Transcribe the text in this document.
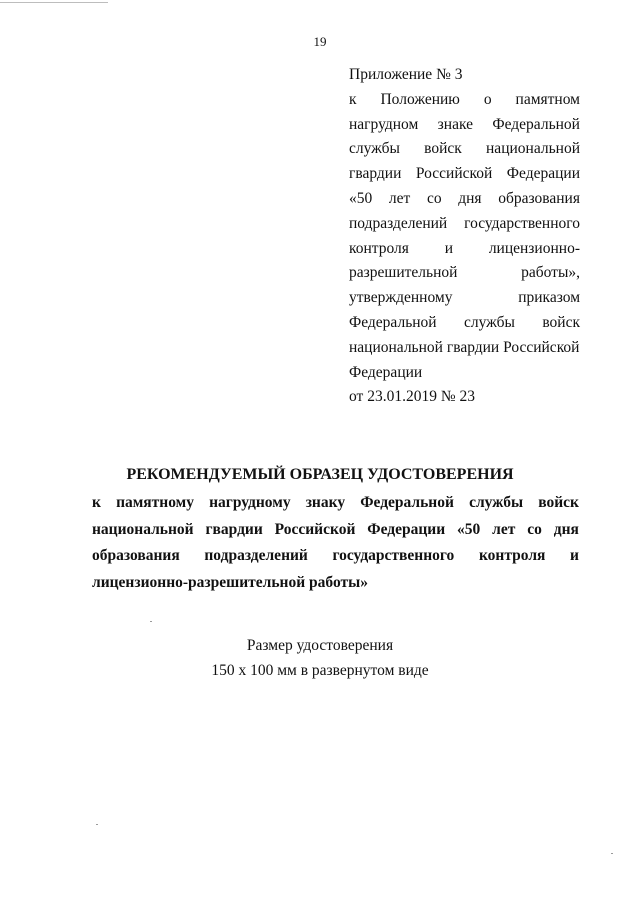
19
Приложение № 3
к Положению о памятном
нагрудном знаке Федеральной
службы войск национальной
гвардии Российской Федерации
«50 лет со дня образования
подразделений государственного
контроля и лицензионно-
разрешительной	работы»,
утвержденному	приказом
Федеральной службы войск
национальной гвардии Российской
Федерации
от 23.01.2019 № 23
РЕКОМЕНДУЕМЫЙ ОБРАЗЕЦ УДОСТОВЕРЕНИЯ
к памятному нагрудному знаку Федеральной службы войск
национальной гвардии Российской Федерации «50 лет со дня
образования подразделений государственного контроля и
лицензионно-разрешительной работы»
Размер удостоверения
150 х 100 мм в развернутом виде
